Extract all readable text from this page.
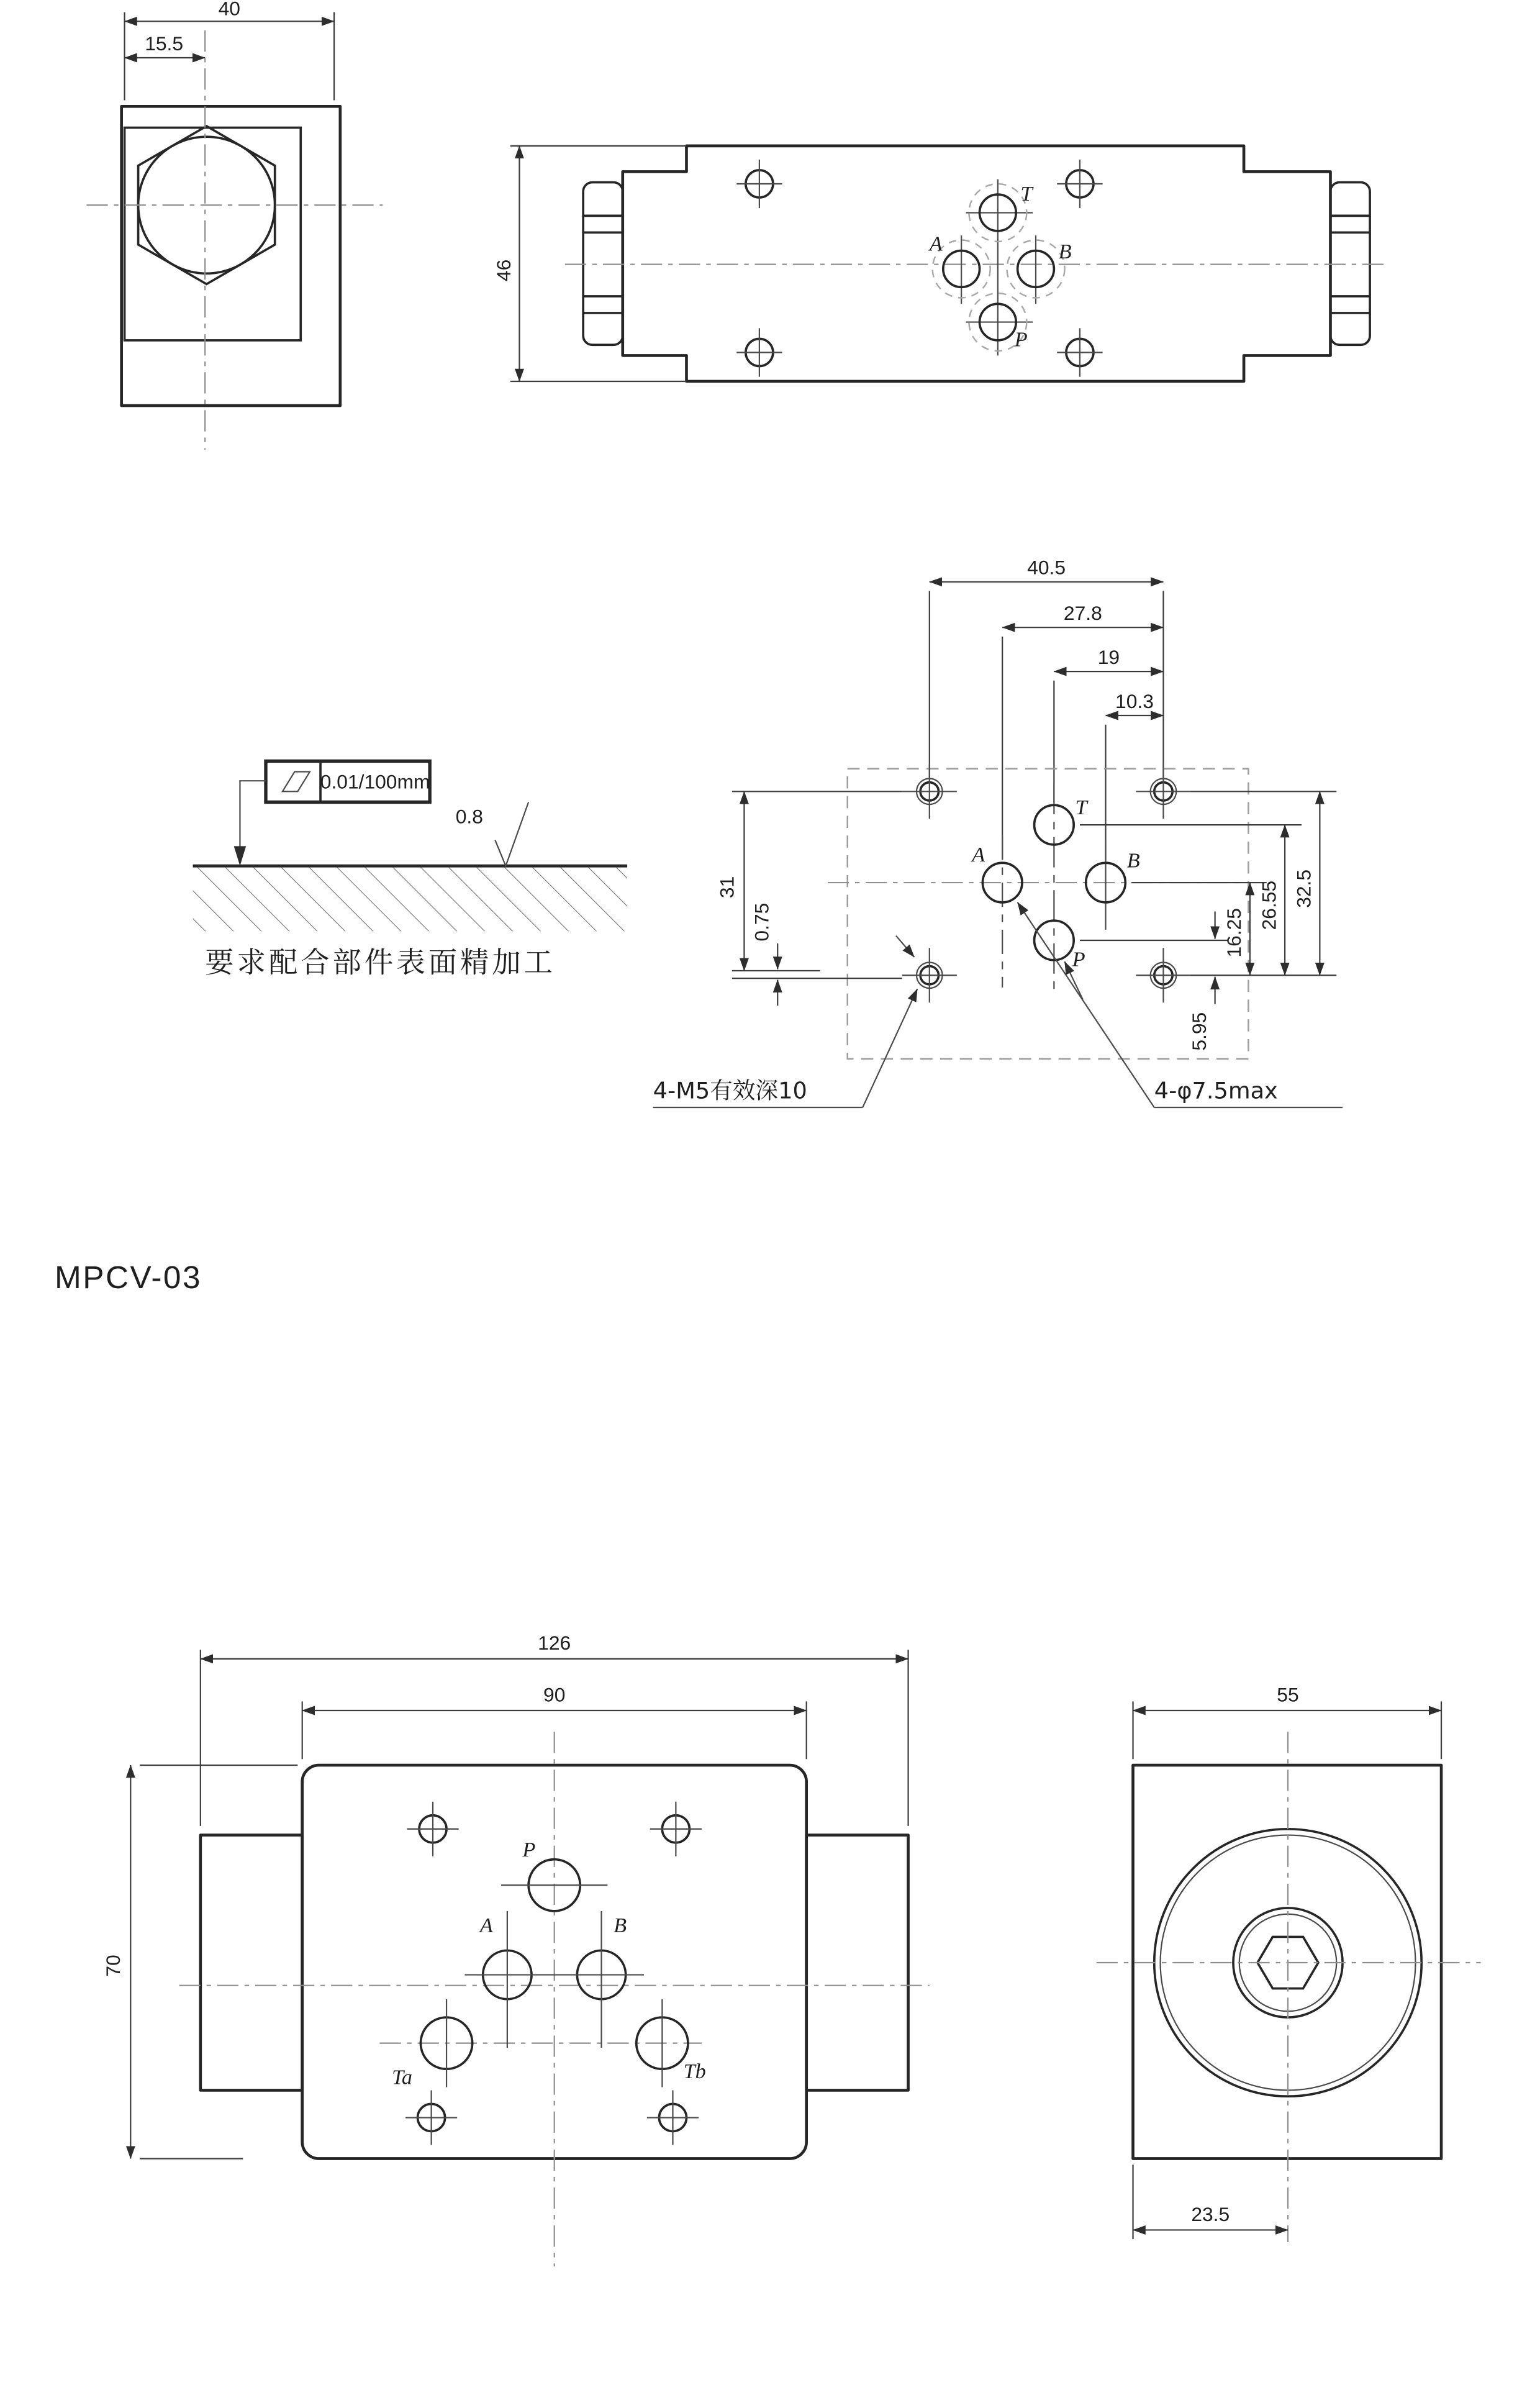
40
15.5
46
T
A	B
P
40.5
27.8
19
10.3
T
A	B
P
31
0.75
5.95
16.25
26.55 32.5
4-M5有效深10	4-φ7.5max
0.01/100mm
0.8
要求配合部件表面精加工
MPCV-03
126
90
70
P
A	B
Ta	Tb
55
23.5
